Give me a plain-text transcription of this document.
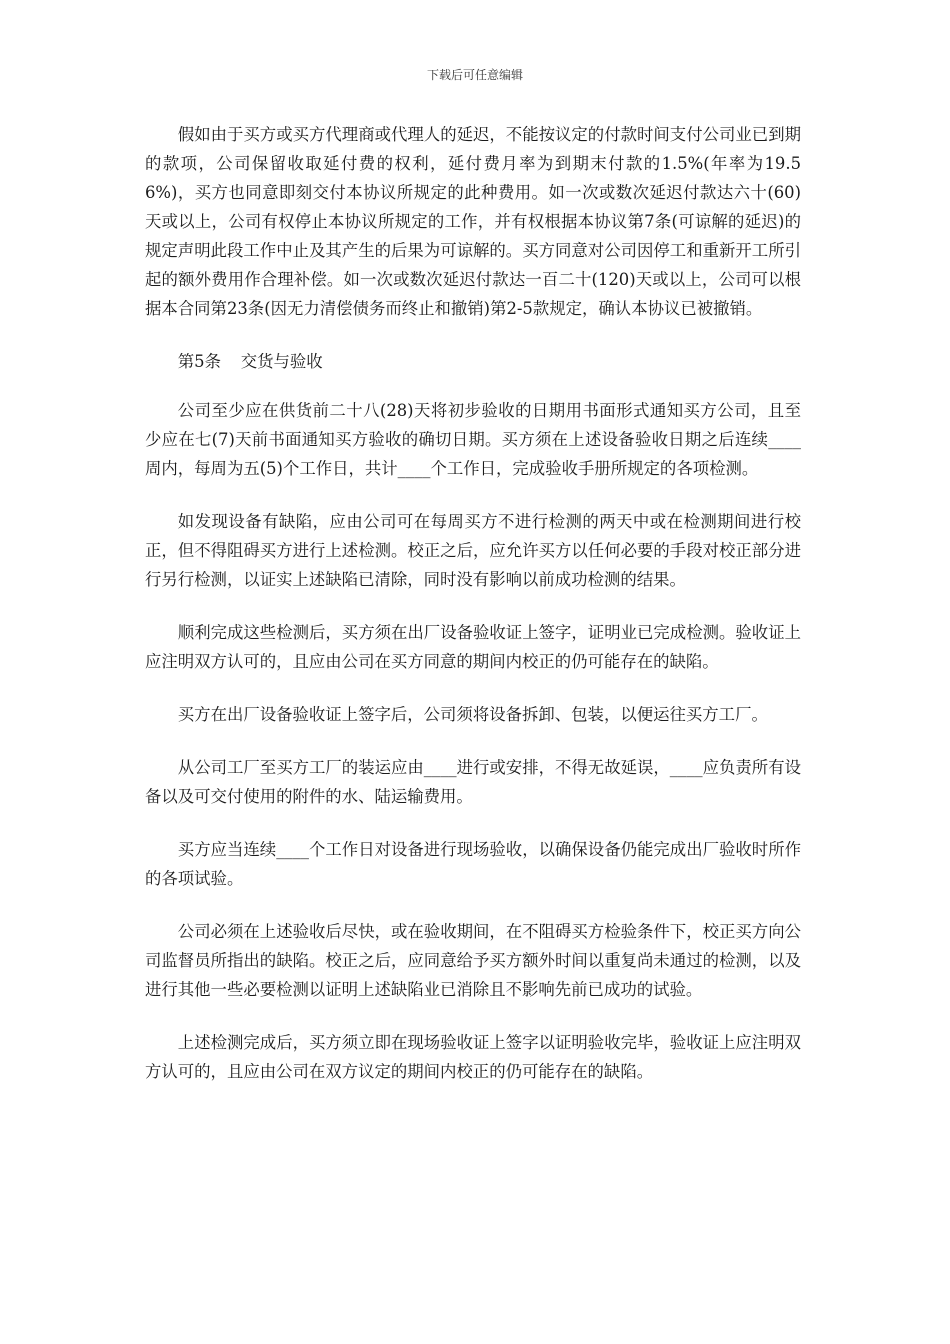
下载后可任意编辑

假如由于买方或买方代理商或代理人的延迟，不能按议定的付款时间支付公司业已到期的款项，公司保留收取延付费的权利，延付费月率为到期末付款的1.5%(年率为19.56%)，买方也同意即刻交付本协议所规定的此种费用。如一次或数次延迟付款达六十(60)天或以上，公司有权停止本协议所规定的工作，并有权根据本协议第7条(可谅解的延迟)的规定声明此段工作中止及其产生的后果为可谅解的。买方同意对公司因停工和重新开工所引起的额外费用作合理补偿。如一次或数次延迟付款达一百二十(120)天或以上，公司可以根据本合同第23条(因无力清偿债务而终止和撤销)第2-5款规定，确认本协议已被撤销。

第5条 交货与验收

公司至少应在供货前二十八(28)天将初步验收的日期用书面形式通知买方公司，且至少应在七(7)天前书面通知买方验收的确切日期。买方须在上述设备验收日期之后连续____周内，每周为五(5)个工作日，共计____个工作日，完成验收手册所规定的各项检测。

如发现设备有缺陷，应由公司可在每周买方不进行检测的两天中或在检测期间进行校正，但不得阻碍买方进行上述检测。校正之后，应允许买方以任何必要的手段对校正部分进行另行检测，以证实上述缺陷已清除，同时没有影响以前成功检测的结果。

顺利完成这些检测后，买方须在出厂设备验收证上签字，证明业已完成检测。验收证上应注明双方认可的，且应由公司在买方同意的期间内校正的仍可能存在的缺陷。

买方在出厂设备验收证上签字后，公司须将设备拆卸、包装，以便运往买方工厂。

从公司工厂至买方工厂的装运应由____进行或安排，不得无故延误，____应负责所有设备以及可交付使用的附件的水、陆运输费用。

买方应当连续____个工作日对设备进行现场验收，以确保设备仍能完成出厂验收时所作的各项试验。

公司必须在上述验收后尽快，或在验收期间，在不阻碍买方检验条件下，校正买方向公司监督员所指出的缺陷。校正之后，应同意给予买方额外时间以重复尚未通过的检测，以及进行其他一些必要检测以证明上述缺陷业已消除且不影响先前已成功的试验。

上述检测完成后，买方须立即在现场验收证上签字以证明验收完毕，验收证上应注明双方认可的，且应由公司在双方议定的期间内校正的仍可能存在的缺陷。
